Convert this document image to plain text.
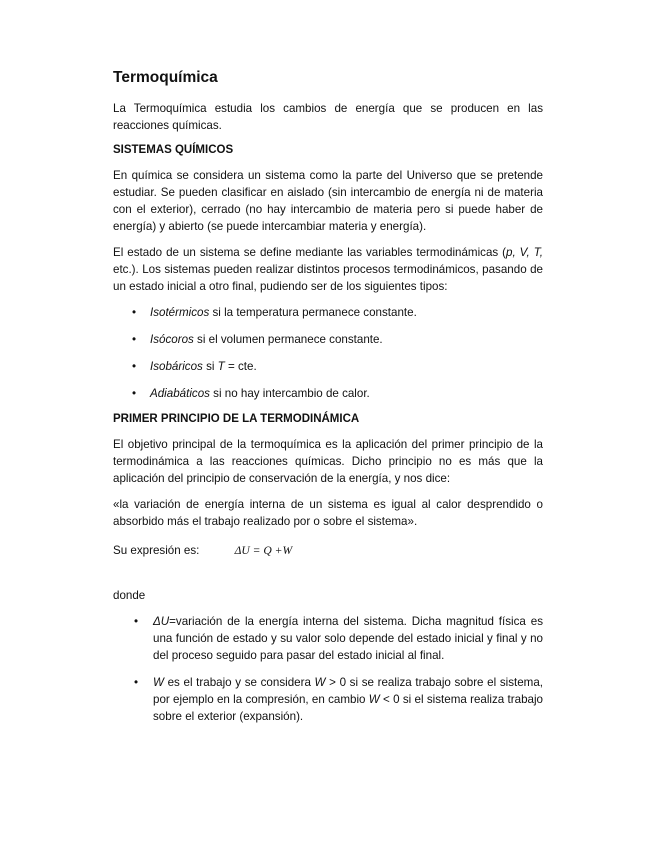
Termoquímica

La Termoquímica estudia los cambios de energía que se producen en las reacciones químicas.

SISTEMAS QUÍMICOS

En química se considera un sistema como la parte del Universo que se pretende estudiar. Se pueden clasificar en aislado (sin intercambio de energía ni de materia con el exterior), cerrado (no hay intercambio de materia pero si puede haber de energía) y abierto (se puede intercambiar materia y energía).

El estado de un sistema se define mediante las variables termodinámicas (p, V, T, etc.). Los sistemas pueden realizar distintos procesos termodinámicos, pasando de un estado inicial a otro final, pudiendo ser de los siguientes tipos:

• Isotérmicos si la temperatura permanece constante.
• Isócoros si el volumen permanece constante.
• Isobáricos si T = cte.
• Adiabáticos si no hay intercambio de calor.
PRIMER PRINCIPIO DE LA TERMODINÁMICA

El objetivo principal de la termoquímica es la aplicación del primer principio de la termodinámica a las reacciones químicas. Dicho principio no es más que la aplicación del principio de conservación de la energía, y nos dice:

«la variación de energía interna de un sistema es igual al calor desprendido o absorbido más el trabajo realizado por o sobre el sistema».

Su expresión es:	ΔU = Q +W
donde
• ΔU=variación de la energía interna del sistema. Dicha magnitud física es una función de estado y su valor solo depende del estado inicial y final y no del proceso seguido para pasar del estado inicial al final.
• W es el trabajo y se considera W > 0 si se realiza trabajo sobre el sistema, por ejemplo en la compresión, en cambio W < 0 si el sistema realiza trabajo sobre el exterior (expansión).
